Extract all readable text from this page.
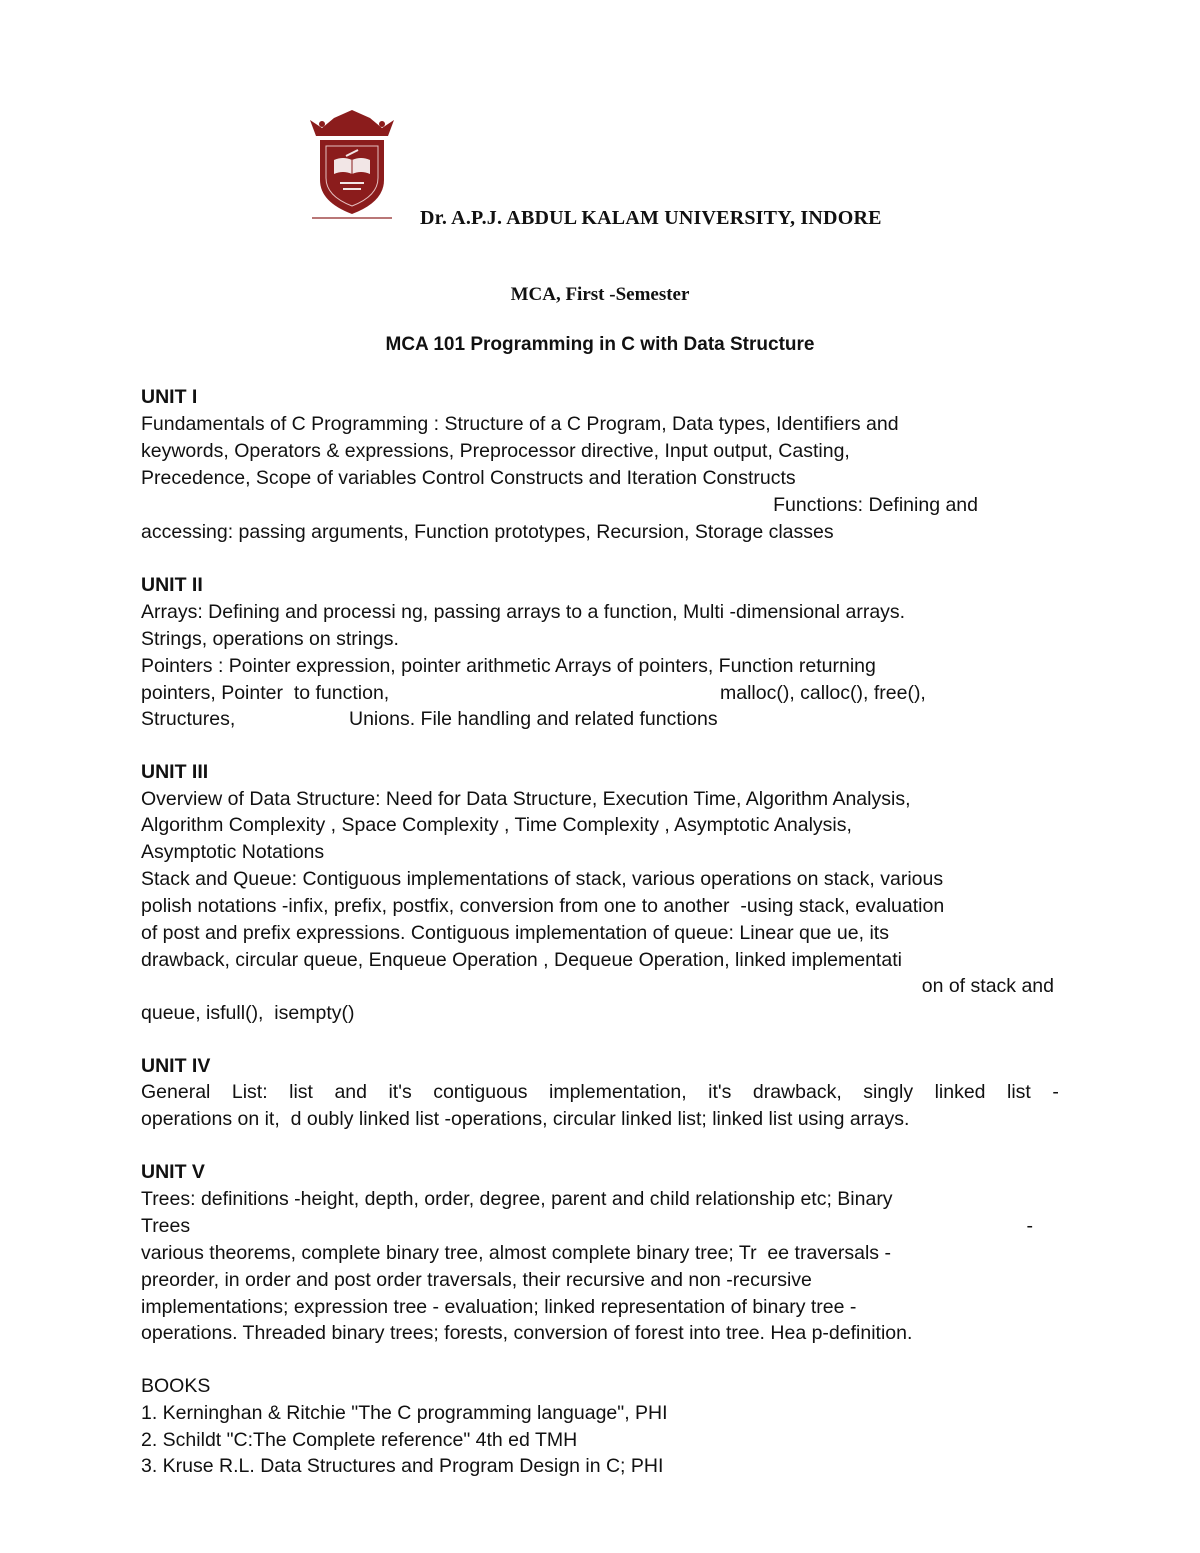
Dr. A.P.J. ABDUL KALAM UNIVERSITY, INDORE

MCA, First -Semester

MCA 101 Programming in C with Data Structure

UNIT I

Fundamentals of C Programming : Structure of a C Program, Data types, Identifiers and

keywords, Operators & expressions, Preprocessor directive, Input output, Casting,

Precedence, Scope of variables Control Constructs and Iteration Constructs

Functions: Defining and

accessing: passing arguments, Function prototypes, Recursion, Storage classes

UNIT II

Arrays: Defining and processi ng, passing arrays to a function, Multi -dimensional arrays.

Strings, operations on strings.

Pointers : Pointer expression, pointer arithmetic Arrays of pointers, Function returning

pointers, Pointer  to function,	malloc(), calloc(), free(),

Structures,	Unions. File handling and related functions

UNIT III

Overview of Data Structure: Need for Data Structure, Execution Time, Algorithm Analysis,

Algorithm Complexity , Space Complexity , Time Complexity , Asymptotic Analysis,

Asymptotic Notations

Stack and Queue: Contiguous implementations of stack, various operations on stack, various

polish notations -infix, prefix, postfix, conversion from one to another  -using stack, evaluation

of post and prefix expressions. Contiguous implementation of queue: Linear que ue, its

drawback, circular queue, Enqueue Operation , Dequeue Operation, linked implementati

on of stack and

queue, isfull(),  isempty()

UNIT IV

General List: list and it's contiguous implementation, it's drawback, singly linked list -

operations on it,  d oubly linked list -operations, circular linked list; linked list using arrays.

UNIT V

Trees: definitions -height, depth, order, degree, parent and child relationship etc; Binary

Trees	-

various theorems, complete binary tree, almost complete binary tree; Tr  ee traversals -

preorder, in order and post order traversals, their recursive and non -recursive

implementations; expression tree - evaluation; linked representation of binary tree -

operations. Threaded binary trees; forests, conversion of forest into tree. Hea p-definition.

BOOKS

1. Kerninghan & Ritchie "The C programming language", PHI

2. Schildt "C:The Complete reference" 4th ed TMH

3. Kruse R.L. Data Structures and Program Design in C; PHI
